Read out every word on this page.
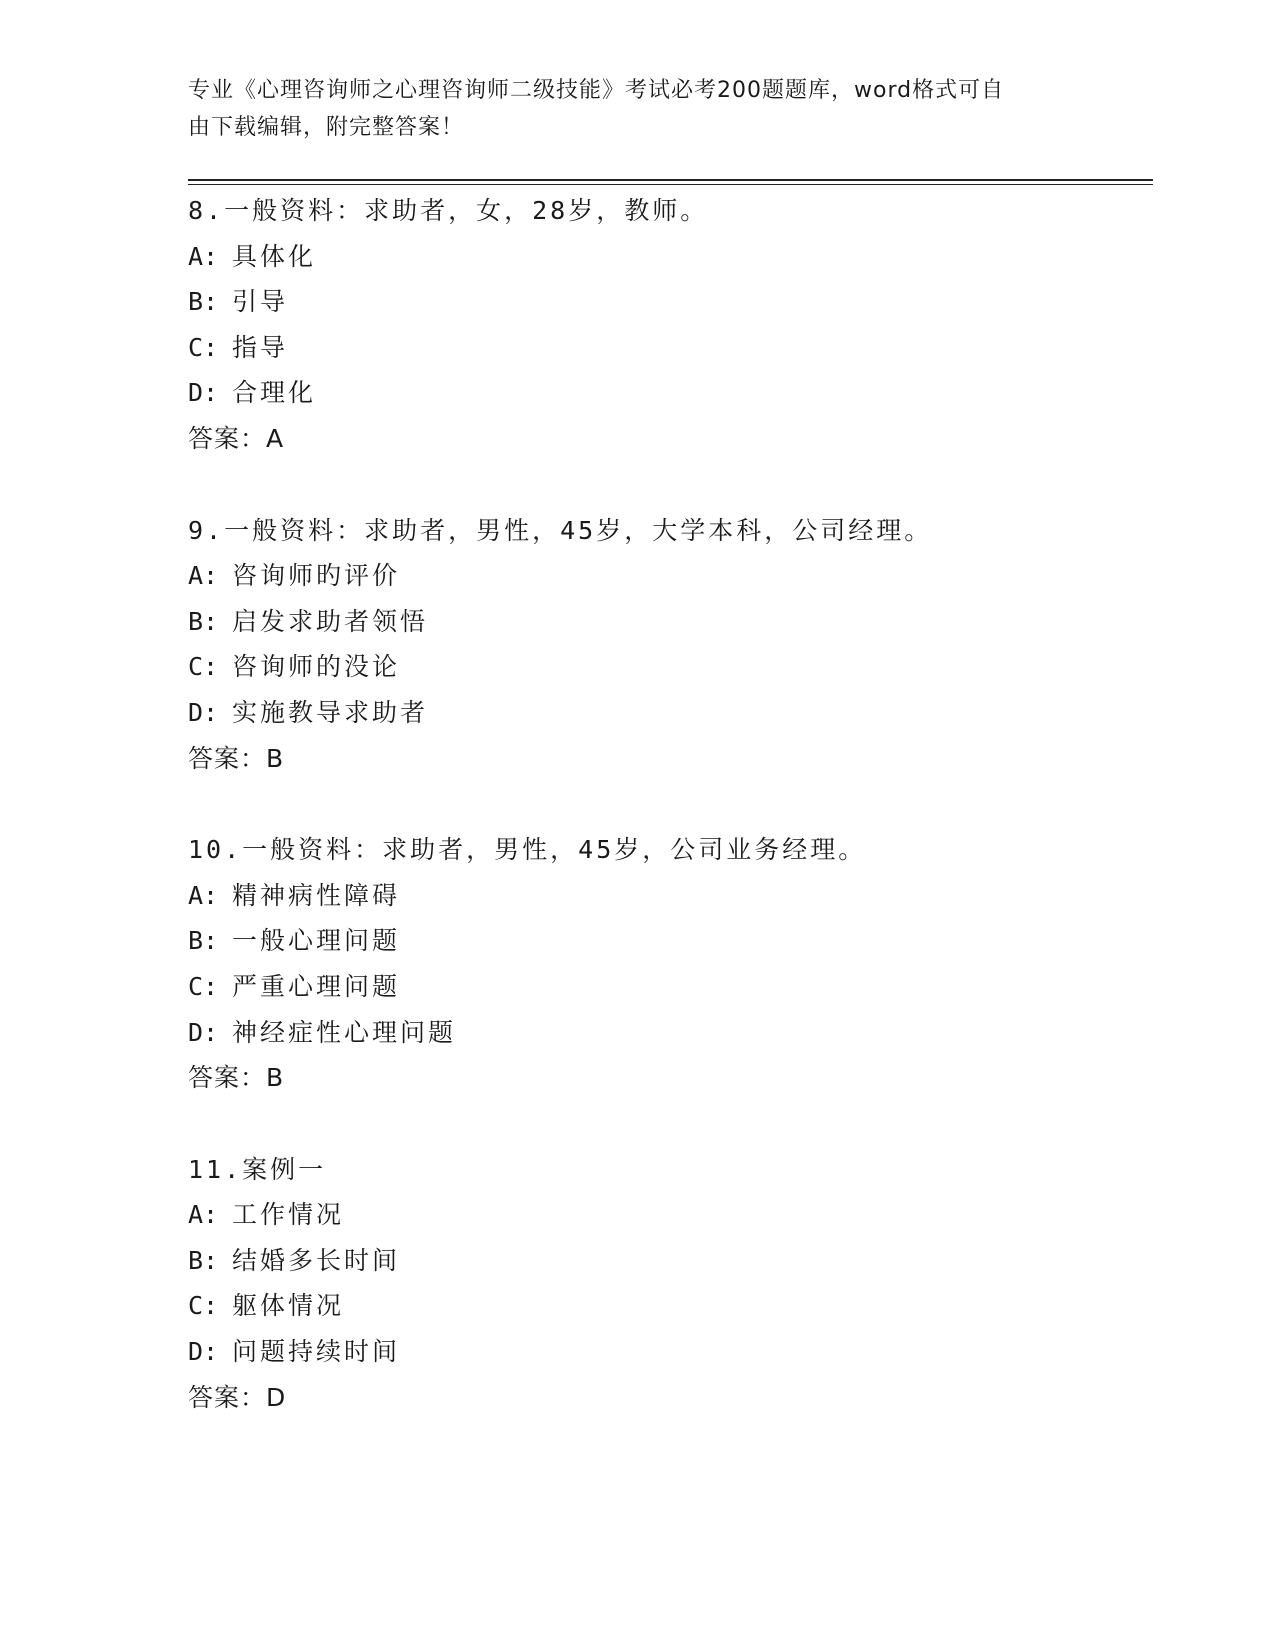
专业《心理咨询师之心理咨询师二级技能》考试必考200题题库，word格式可自
由下载编辑，附完整答案！
8.一般资料：求助者，女，28岁，教师。
A: 具体化
B: 引导
C: 指导
D: 合理化
答案：A
9.一般资料：求助者，男性，45岁，大学本科，公司经理。
A: 咨询师旳评价
B: 启发求助者领悟
C: 咨询师的没论
D: 实施教导求助者
答案：B
10.一般资料：求助者，男性，45岁，公司业务经理。
A: 精神病性障碍
B: 一般心理问题
C: 严重心理问题
D: 神经症性心理问题
答案：B
11.案例一
A: 工作情况
B: 结婚多长时间
C: 躯体情况
D: 问题持续时间
答案：D
